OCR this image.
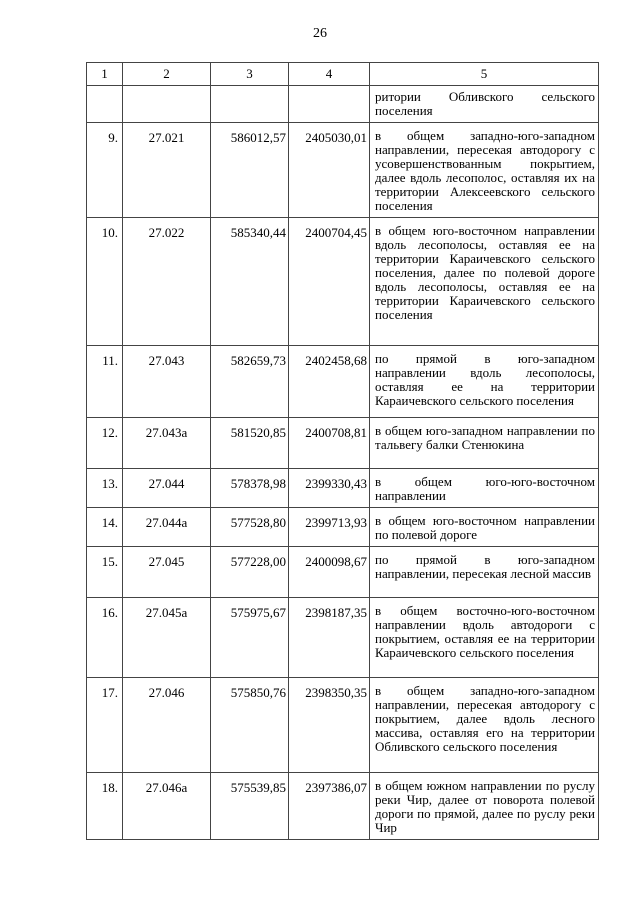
26
1	2	3	4	5
				ритории Обливского сельского поселения
9.	27.021	586012,57	2405030,01	в общем западно-юго-западном направлении, пересекая автодорогу с усовершенствованным покрытием, далее вдоль лесополос, оставляя их на территории Алексеевского сельского поселения
10.	27.022	585340,44	2400704,45	в общем юго-восточном направлении вдоль лесополосы, оставляя ее на территории Караичевского сельского поселения, далее по полевой дороге вдоль лесополосы, оставляя ее на территории Караичевского сельского поселения
11.	27.043	582659,73	2402458,68	по прямой в юго-западном направлении вдоль лесополосы, оставляя ее на территории Караичевского сельского поселения
12.	27.043а	581520,85	2400708,81	в общем юго-западном направлении по тальвегу балки Стенюкина
13.	27.044	578378,98	2399330,43	в общем юго-юго-восточном направлении
14.	27.044а	577528,80	2399713,93	в общем юго-восточном направлении по полевой дороге
15.	27.045	577228,00	2400098,67	по прямой в юго-западном направлении, пересекая лесной массив
16.	27.045а	575975,67	2398187,35	в общем восточно-юго-восточном направлении вдоль автодороги с покрытием, оставляя ее на территории Караичевского сельского поселения
17.	27.046	575850,76	2398350,35	в общем западно-юго-западном направлении, пересекая автодорогу с покрытием, далее вдоль лесного массива, оставляя его на территории Обливского сельского поселения
18.	27.046а	575539,85	2397386,07	в общем южном направлении по руслу реки Чир, далее от поворота полевой дороги по прямой, далее по руслу реки Чир
